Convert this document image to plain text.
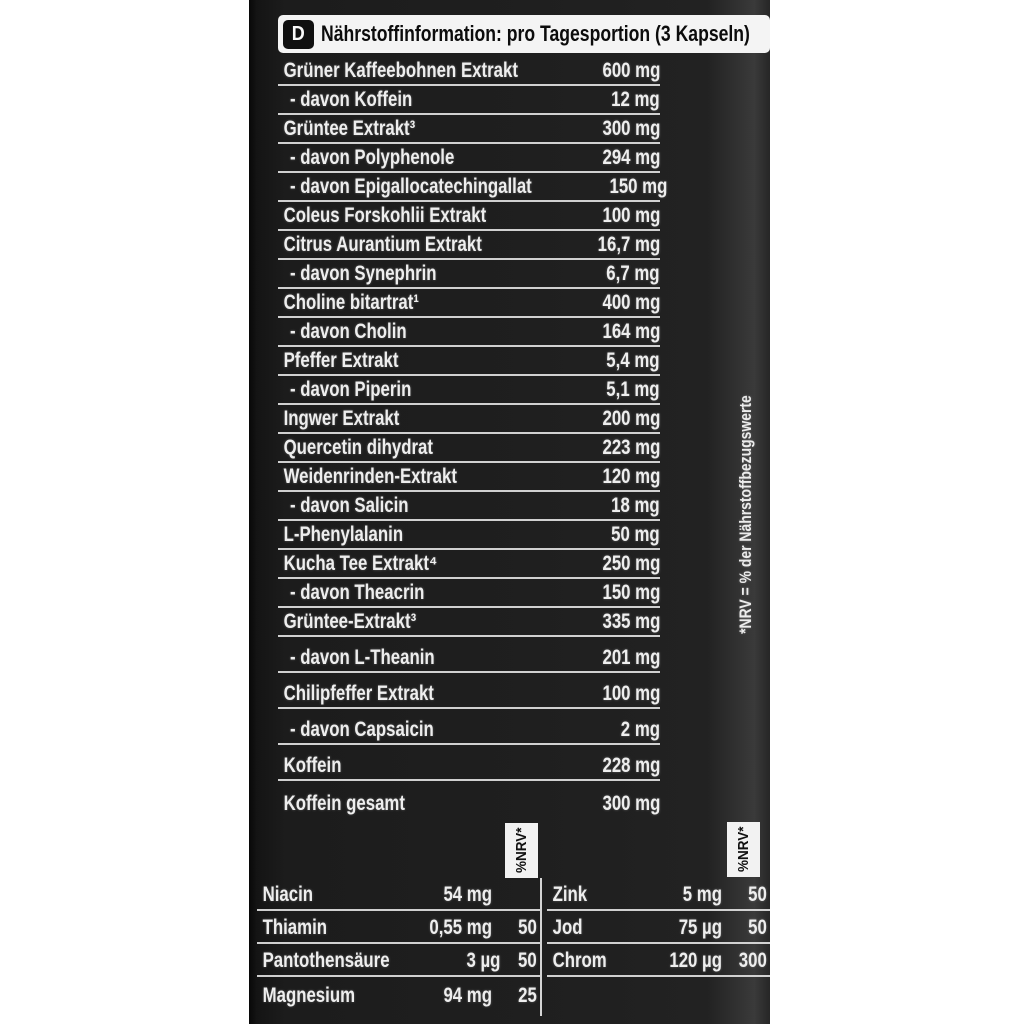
D Nährstoffinformation: pro Tagesportion (3 Kapseln)
Grüner Kaffeebohnen Extrakt	600 mg
- davon Koffein	12 mg
Grüntee Extrakt³	300 mg
- davon Polyphenole	294 mg
- davon Epigallocatechingallat	150 mg
Coleus Forskohlii Extrakt	100 mg
Citrus Aurantium Extrakt	16,7 mg
- davon Synephrin	6,7 mg
Choline bitartrat¹	400 mg
- davon Cholin	164 mg
Pfeffer Extrakt	5,4 mg
- davon Piperin	5,1 mg
Ingwer Extrakt	200 mg
Quercetin dihydrat	223 mg
Weidenrinden-Extrakt	120 mg
- davon Salicin	18 mg
L-Phenylalanin	50 mg
Kucha Tee Extrakt⁴	250 mg
- davon Theacrin	150 mg
Grüntee-Extrakt³	335 mg
- davon L-Theanin	201 mg
Chilipfeffer Extrakt	100 mg
- davon Capsaicin	2 mg
Koffein	228 mg
Koffein gesamt	300 mg
*NRV = % der Nährstoffbezugswerte
%NRV*	%NRV*
Niacin	54 mg
Thiamin	0,55 mg	50
Pantothensäure	3 µg 50
Magnesium	94 mg	25
Zink	5 mg	50
Jod	75 µg	50
Chrom	120 µg 300
